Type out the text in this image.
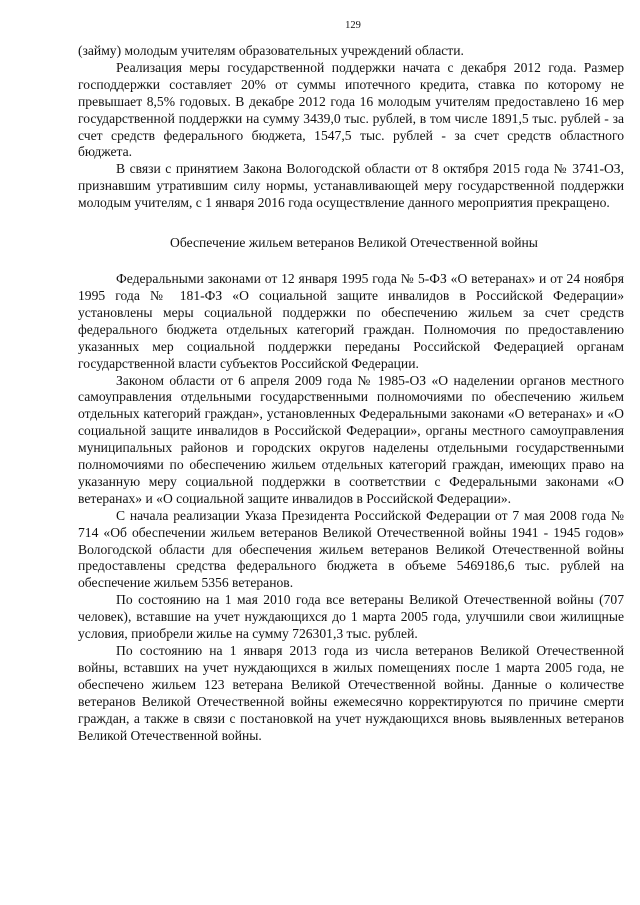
129

(займу) молодым учителям образовательных учреждений области.

Реализация меры государственной поддержки начата с декабря 2012 года. Размер господдержки составляет 20% от суммы ипотечного кредита, ставка по которому не превышает 8,5% годовых. В декабре 2012 года 16 молодым учителям предоставлено 16 мер государственной поддержки на сумму 3439,0 тыс. рублей, в том числе 1891,5 тыс. рублей - за счет средств федерального бюджета, 1547,5 тыс. рублей - за счет средств областного бюджета.

В связи с принятием Закона Вологодской области от 8 октября 2015 года № 3741-ОЗ, признавшим утратившим силу нормы, устанавливающей меру государственной поддержки молодым учителям, с 1 января 2016 года осуществление данного мероприятия прекращено.

Обеспечение жильем ветеранов Великой Отечественной войны

Федеральными законами от 12 января 1995 года № 5-ФЗ «О ветеранах» и от 24 ноября 1995 года № 181-ФЗ «О социальной защите инвалидов в Российской Федерации» установлены меры социальной поддержки по обеспечению жильем за счет средств федерального бюджета отдельных категорий граждан. Полномочия по предоставлению указанных мер социальной поддержки переданы Российской Федерацией органам государственной власти субъектов Российской Федерации.

Законом области от 6 апреля 2009 года № 1985-ОЗ «О наделении органов местного самоуправления отдельными государственными полномочиями по обеспечению жильем отдельных категорий граждан», установленных Федеральными законами «О ветеранах» и «О социальной защите инвалидов в Российской Федерации», органы местного самоуправления муниципальных районов и городских округов наделены отдельными государственными полномочиями по обеспечению жильем отдельных категорий граждан, имеющих право на указанную меру социальной поддержки в соответствии с Федеральными законами «О ветеранах» и «О социальной защите инвалидов в Российской Федерации».

С начала реализации Указа Президента Российской Федерации от 7 мая 2008 года № 714 «Об обеспечении жильем ветеранов Великой Отечественной войны 1941 - 1945 годов» Вологодской области для обеспечения жильем ветеранов Великой Отечественной войны предоставлены средства федерального бюджета в объеме 5469186,6 тыс. рублей на обеспечение жильем 5356 ветеранов.

По состоянию на 1 мая 2010 года все ветераны Великой Отечественной войны (707 человек), вставшие на учет нуждающихся до 1 марта 2005 года, улучшили свои жилищные условия, приобрели жилье на сумму 726301,3 тыс. рублей.

По состоянию на 1 января 2013 года из числа ветеранов Великой Отечественной войны, вставших на учет нуждающихся в жилых помещениях после 1 марта 2005 года, не обеспечено жильем 123 ветерана Великой Отечественной войны. Данные о количестве ветеранов Великой Отечественной войны ежемесячно корректируются по причине смерти граждан, а также в связи с постановкой на учет нуждающихся вновь выявленных ветеранов Великой Отечественной войны.
